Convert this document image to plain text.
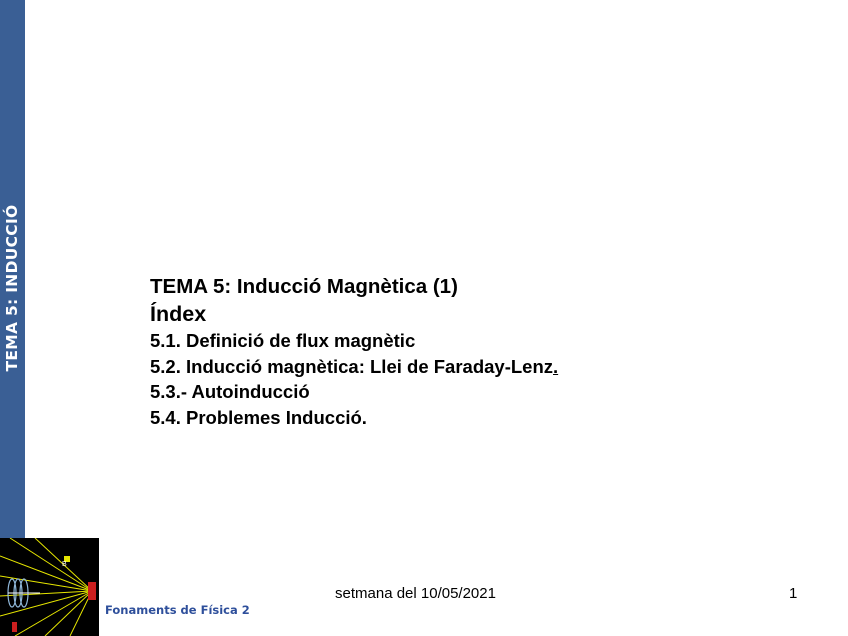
TEMA 5: INDUCCIÓ
B
TEMA 5: Inducció Magnètica (1)
Índex
5.1. Definició de flux magnètic
5.2. Inducció magnètica: Llei de Faraday-Lenz.
5.3.- Autoinducció
5.4. Problemes Inducció.
Fonaments de Física 2
setmana del 10/05/2021	1
